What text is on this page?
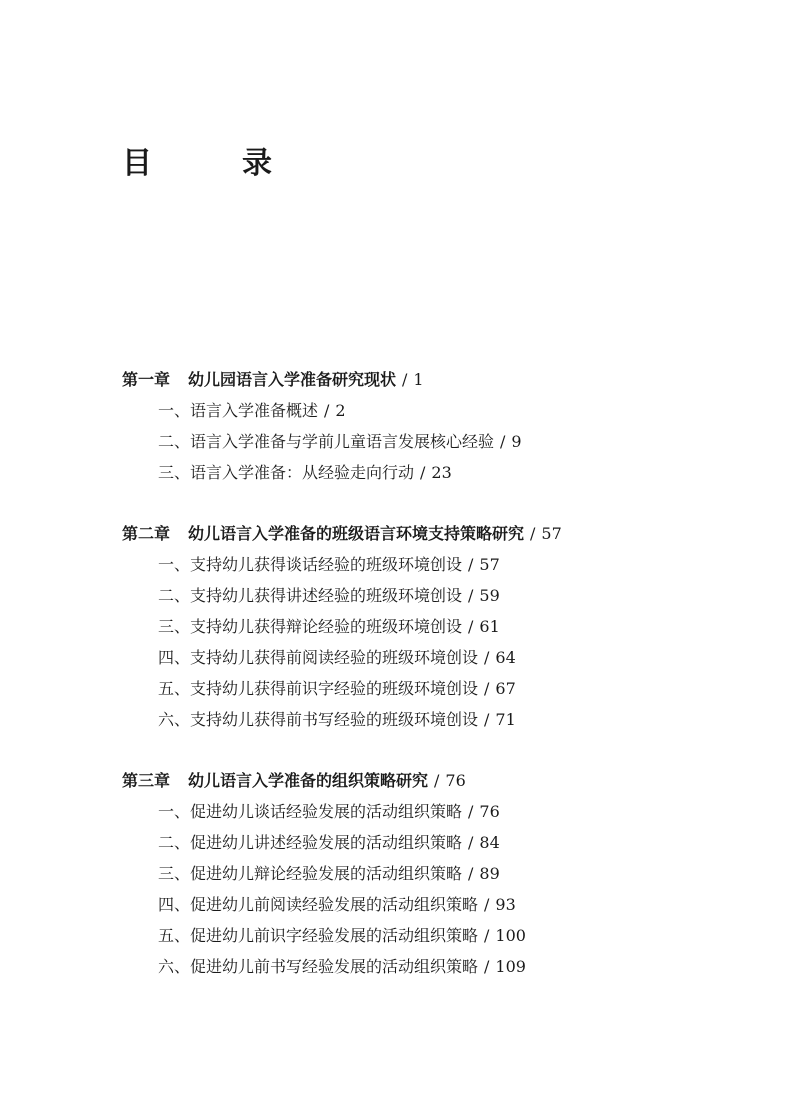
目　录
第一章 幼儿园语言入学准备研究现状 / 1
一、语言入学准备概述 / 2
二、语言入学准备与学前儿童语言发展核心经验 / 9
三、语言入学准备：从经验走向行动 / 23
第二章 幼儿语言入学准备的班级语言环境支持策略研究 / 57
一、支持幼儿获得谈话经验的班级环境创设 / 57
二、支持幼儿获得讲述经验的班级环境创设 / 59
三、支持幼儿获得辩论经验的班级环境创设 / 61
四、支持幼儿获得前阅读经验的班级环境创设 / 64
五、支持幼儿获得前识字经验的班级环境创设 / 67
六、支持幼儿获得前书写经验的班级环境创设 / 71
第三章 幼儿语言入学准备的组织策略研究 / 76
一、促进幼儿谈话经验发展的活动组织策略 / 76
二、促进幼儿讲述经验发展的活动组织策略 / 84
三、促进幼儿辩论经验发展的活动组织策略 / 89
四、促进幼儿前阅读经验发展的活动组织策略 / 93
五、促进幼儿前识字经验发展的活动组织策略 / 100
六、促进幼儿前书写经验发展的活动组织策略 / 109
